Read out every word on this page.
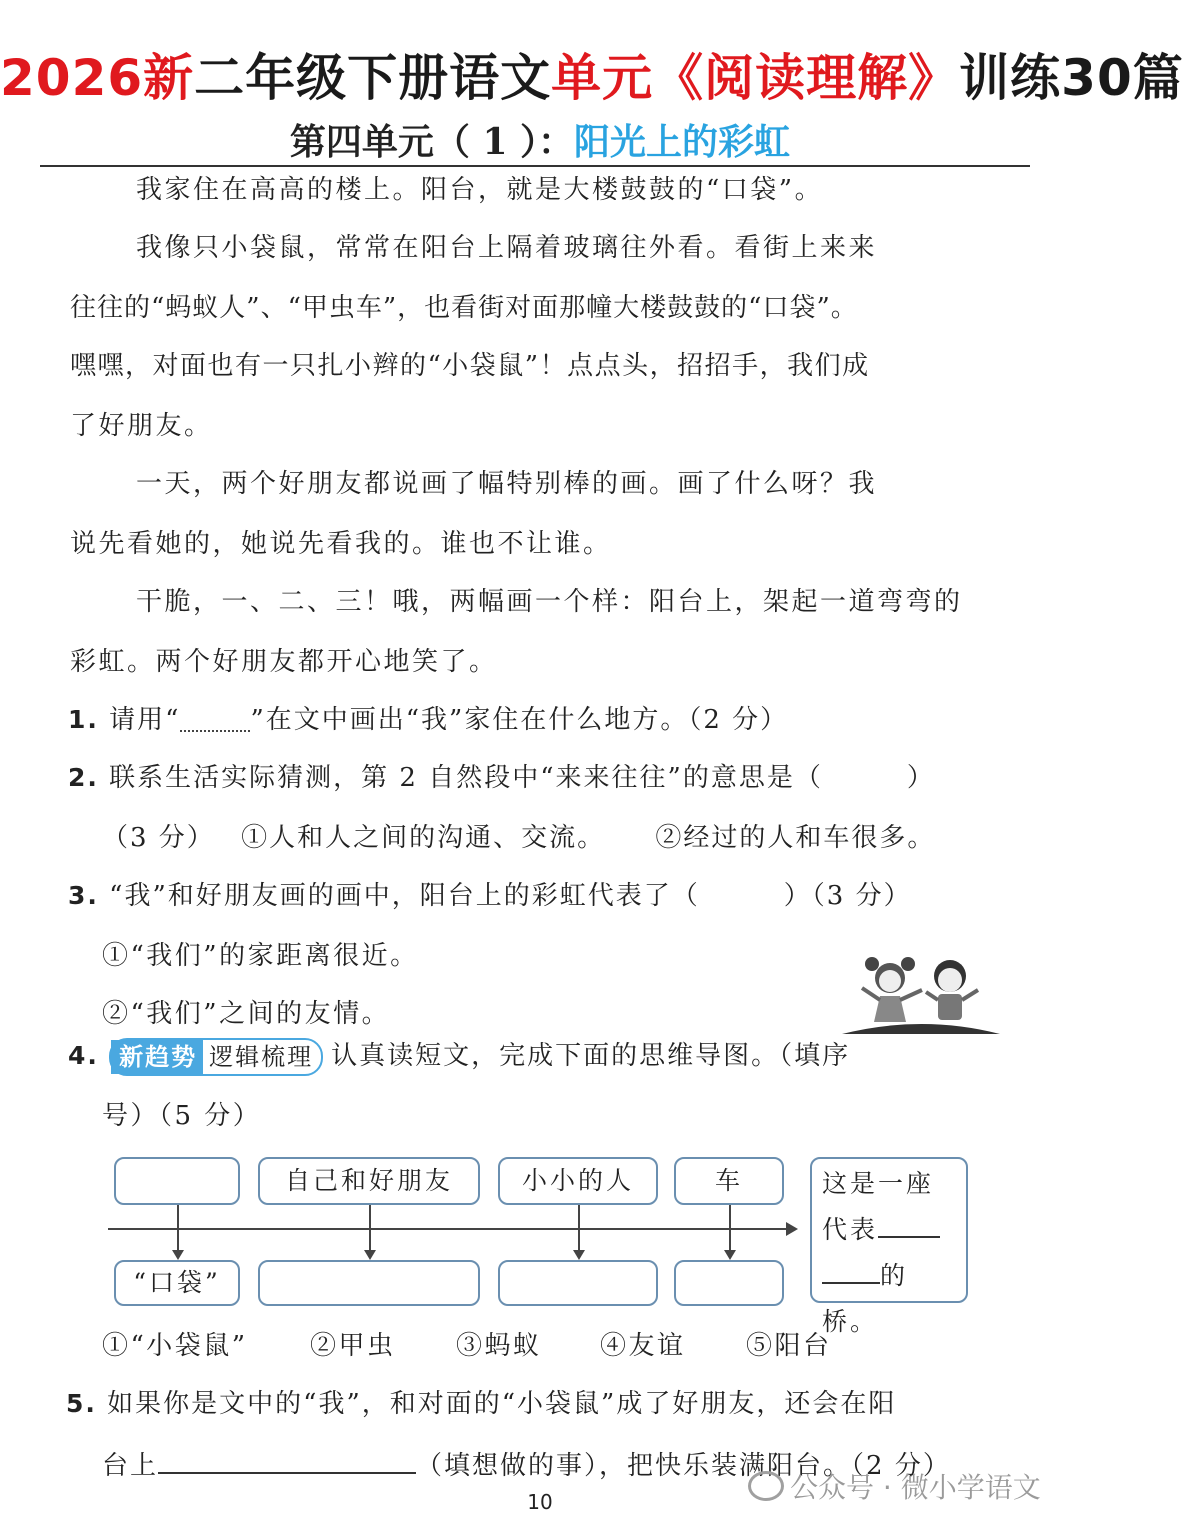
2026新二年级下册语文单元《阅读理解》训练30篇
第四单元（ 1 ）：阳光上的彩虹
我家住在高高的楼上。阳台，就是大楼鼓鼓的“口袋”。
我像只小袋鼠，常常在阳台上隔着玻璃往外看。看街上来来
往往的“蚂蚁人”、“甲虫车”，也看街对面那幢大楼鼓鼓的“口袋”。
嘿嘿，对面也有一只扎小辫的“小袋鼠”！点点头，招招手，我们成
了好朋友。
一天，两个好朋友都说画了幅特别棒的画。画了什么呀？我
说先看她的，她说先看我的。谁也不让谁。
干脆，一、二、三！哦，两幅画一个样：阳台上，架起一道弯弯的
彩虹。两个好朋友都开心地笑了。
1. 请用“	”在文中画出“我”家住在什么地方。（2 分）
2. 联系生活实际猜测，第 2 自然段中“来来往往”的意思是（　　　）
（3 分） ①人和人之间的沟通、交流。 ②经过的人和车很多。
3. “我”和好朋友画的画中，阳台上的彩虹代表了（　　　）（3 分）
①“我们”的家距离很近。
②“我们”之间的友情。
4. 新趋势 逻辑梳理 认真读短文，完成下面的思维导图。（填序
号）（5 分）
自己和好朋友	小小的人	车
“口袋”
这是一座
代表
的桥。
①“小袋鼠” ②甲虫 ③蚂蚁 ④友谊 ⑤阳台
5. 如果你是文中的“我”，和对面的“小袋鼠”成了好朋友，还会在阳
台上	（填想做的事），把快乐装满阳台。（2 分）
10	公众号 · 微小学语文
